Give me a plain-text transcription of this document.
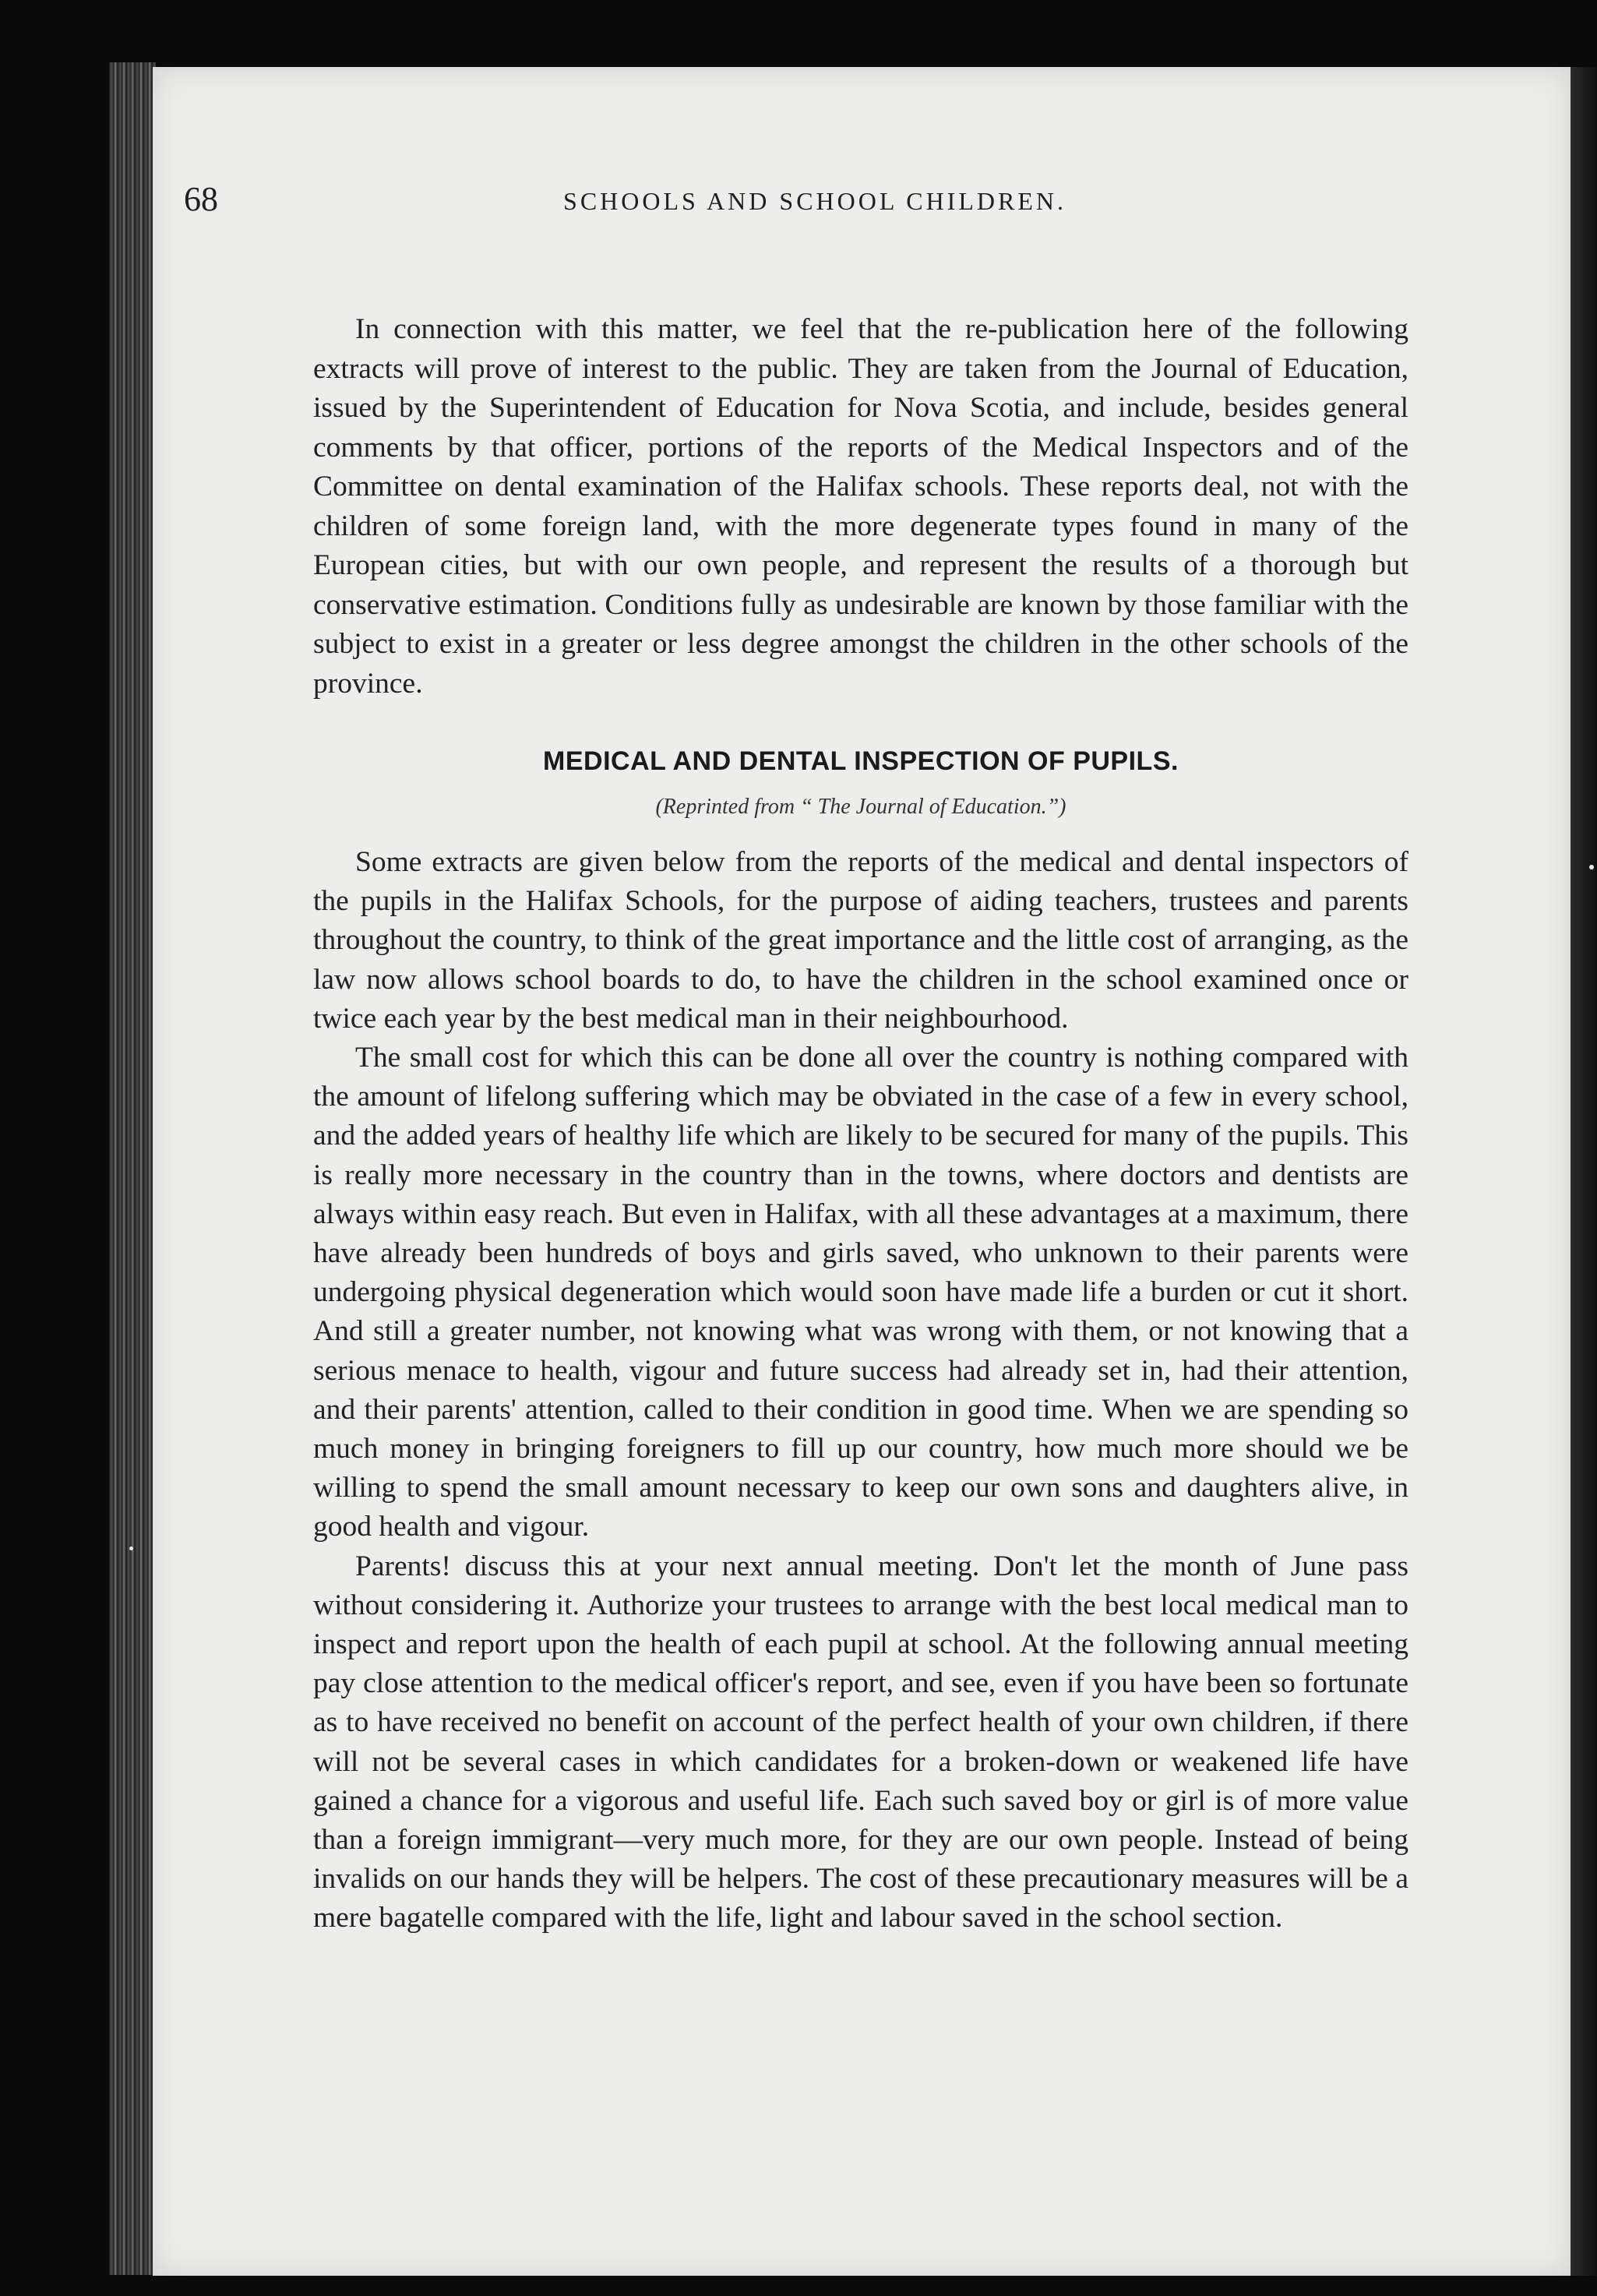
68	SCHOOLS AND SCHOOL CHILDREN.

In connection with this matter, we feel that the re-publication here of the following extracts will prove of interest to the public. They are taken from the Journal of Education, issued by the Superintendent of Education for Nova Scotia, and include, besides general comments by that officer, portions of the reports of the Medical Inspectors and of the Committee on dental examination of the Halifax schools. These reports deal, not with the children of some foreign land, with the more degenerate types found in many of the European cities, but with our own people, and represent the results of a thorough but conservative estimation. Conditions fully as undesirable are known by those familiar with the subject to exist in a greater or less degree amongst the children in the other schools of the province.

MEDICAL AND DENTAL INSPECTION OF PUPILS.
(Reprinted from “ The Journal of Education.”)

Some extracts are given below from the reports of the medical and dental inspectors of the pupils in the Halifax Schools, for the purpose of aiding teachers, trustees and parents throughout the country, to think of the great importance and the little cost of arranging, as the law now allows school boards to do, to have the children in the school examined once or twice each year by the best medical man in their neighbourhood.

The small cost for which this can be done all over the country is nothing compared with the amount of lifelong suffering which may be obviated in the case of a few in every school, and the added years of healthy life which are likely to be secured for many of the pupils. This is really more necessary in the country than in the towns, where doctors and dentists are always within easy reach. But even in Halifax, with all these advantages at a maximum, there have already been hundreds of boys and girls saved, who unknown to their parents were undergoing physical degeneration which would soon have made life a burden or cut it short. And still a greater number, not knowing what was wrong with them, or not knowing that a serious menace to health, vigour and future success had already set in, had their attention, and their parents' attention, called to their condition in good time. When we are spending so much money in bringing foreigners to fill up our country, how much more should we be willing to spend the small amount necessary to keep our own sons and daughters alive, in good health and vigour.

Parents! discuss this at your next annual meeting. Don't let the month of June pass without considering it. Authorize your trustees to arrange with the best local medical man to inspect and report upon the health of each pupil at school. At the following annual meeting pay close attention to the medical officer's report, and see, even if you have been so fortunate as to have received no benefit on account of the perfect health of your own children, if there will not be several cases in which candidates for a broken-down or weakened life have gained a chance for a vigorous and useful life. Each such saved boy or girl is of more value than a foreign immigrant—very much more, for they are our own people. Instead of being invalids on our hands they will be helpers. The cost of these precautionary measures will be a mere bagatelle compared with the life, light and labour saved in the school section.
